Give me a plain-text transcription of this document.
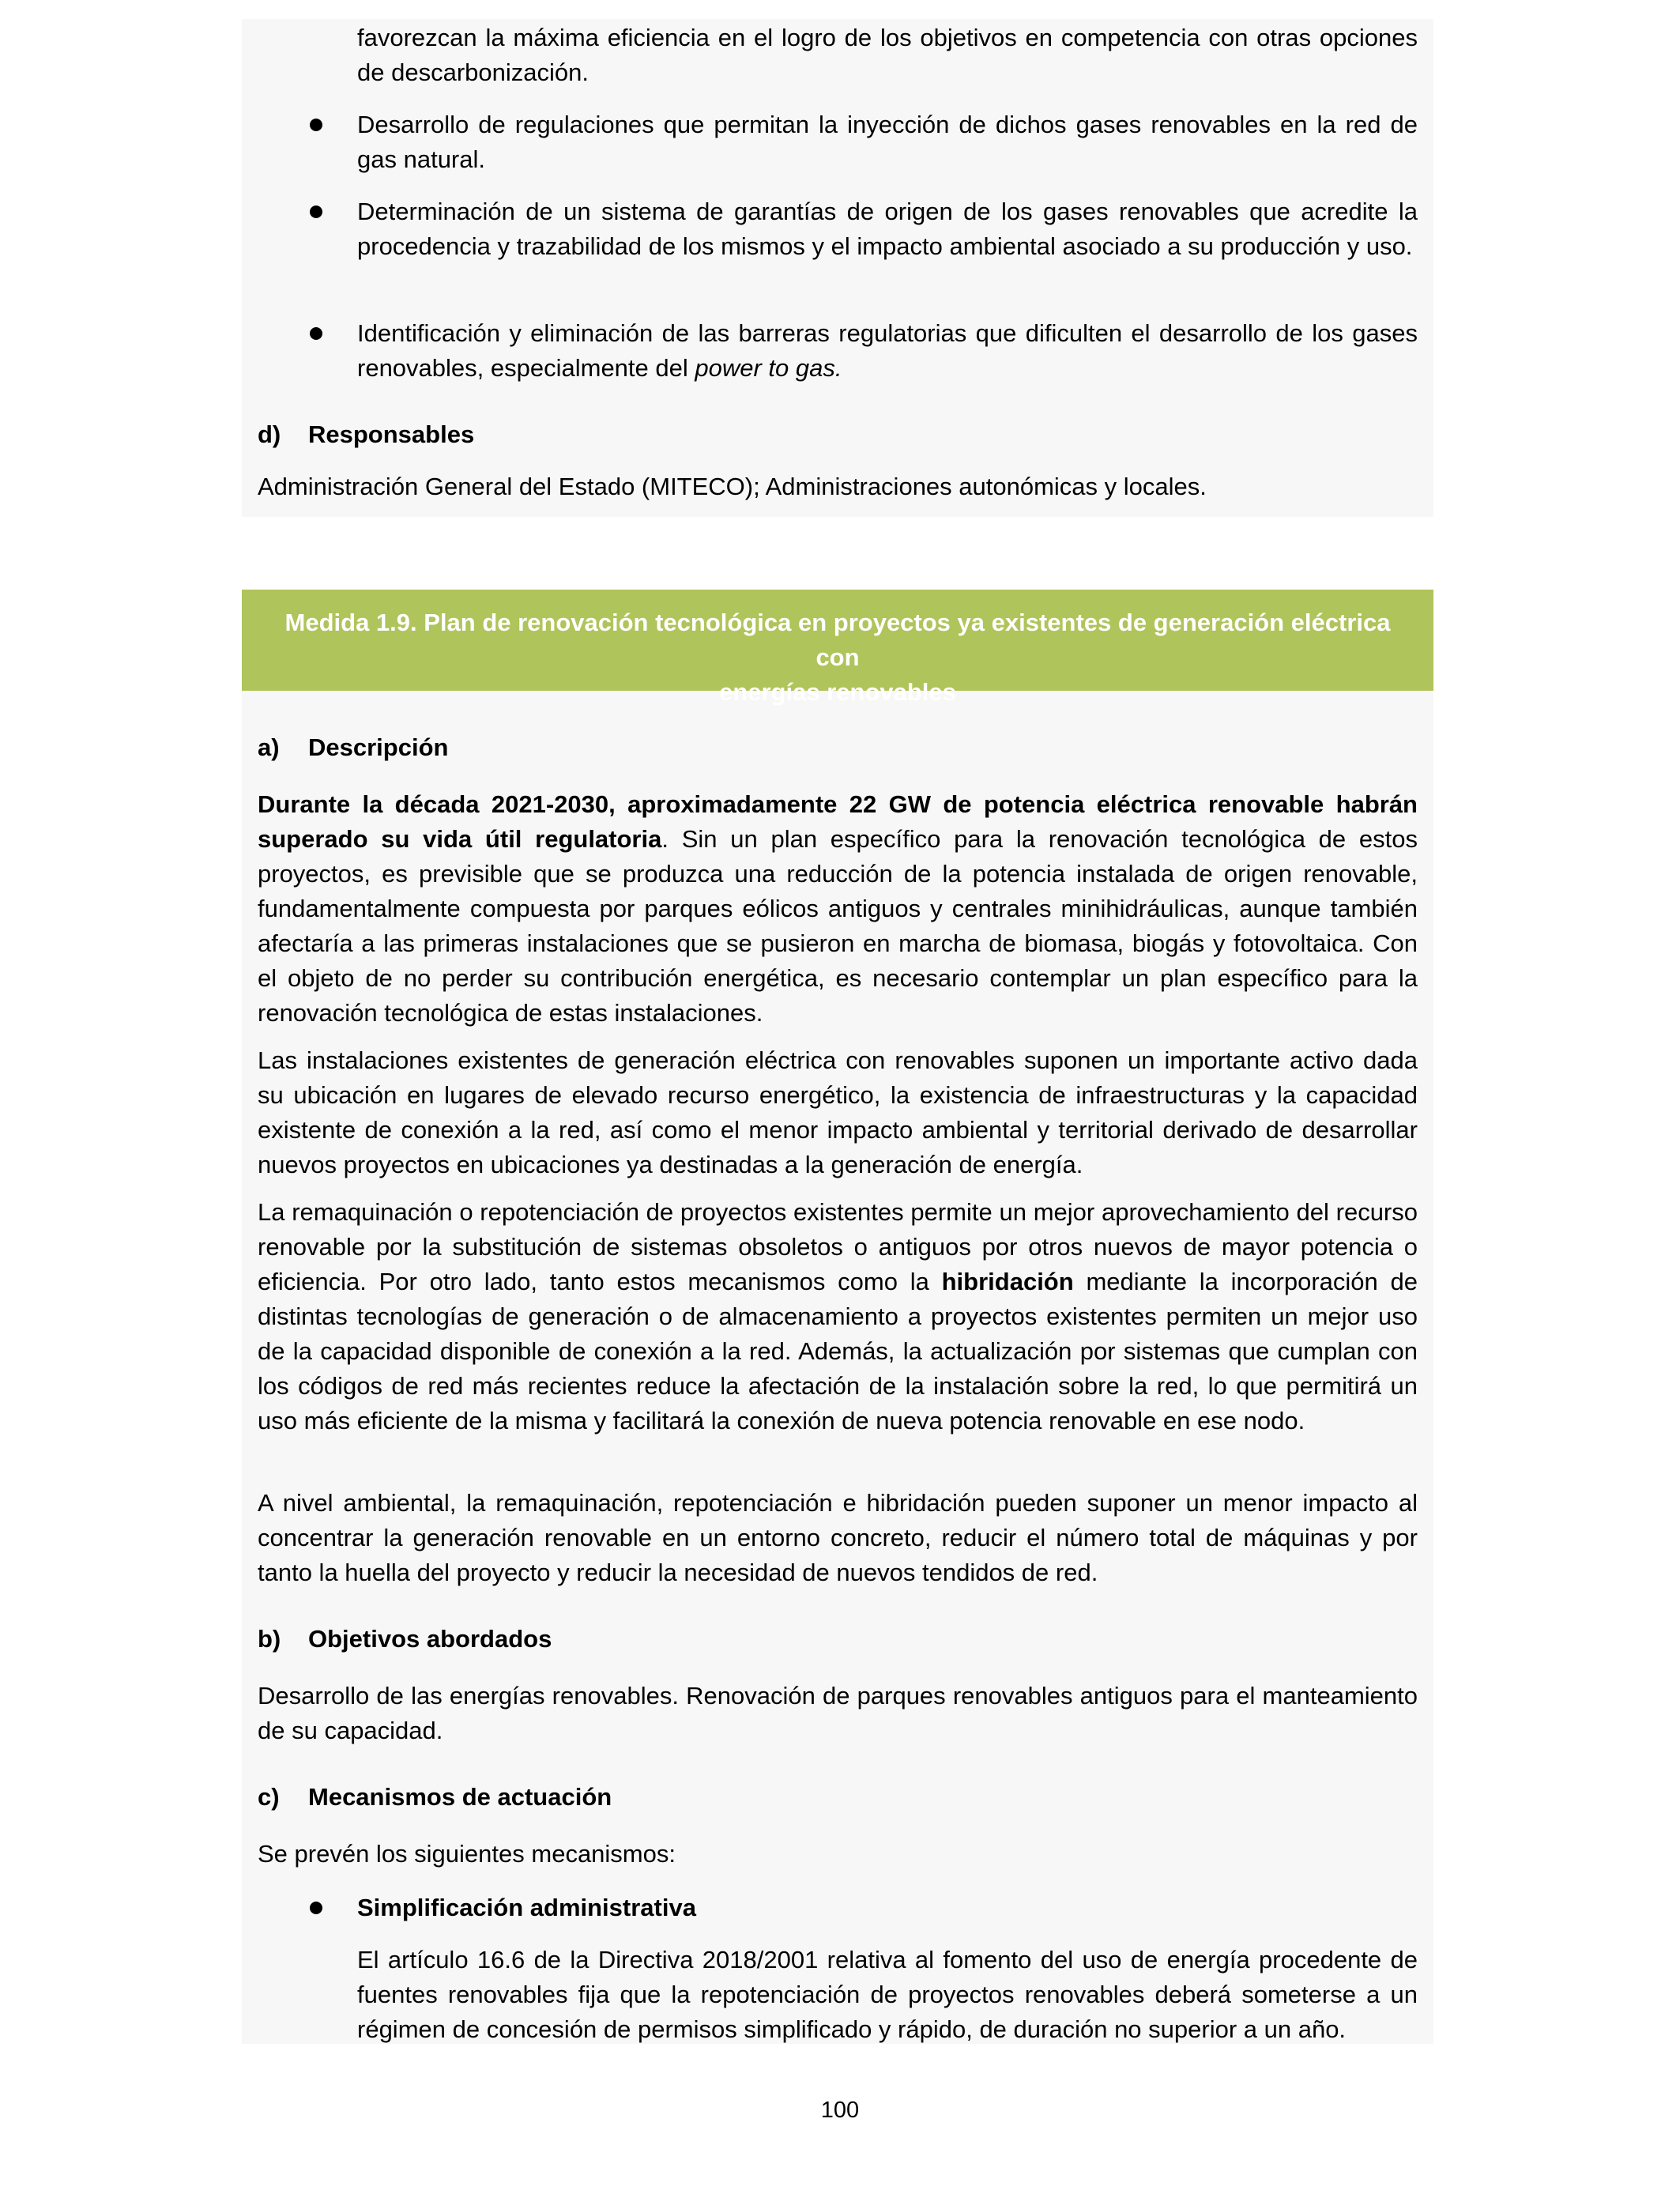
favorezcan la máxima eficiencia en el logro de los objetivos en competencia con otras opciones de descarbonización.

Desarrollo de regulaciones que permitan la inyección de dichos gases renovables en la red de gas natural.

Determinación de un sistema de garantías de origen de los gases renovables que acredite la procedencia y trazabilidad de los mismos y el impacto ambiental asociado a su producción y uso.

Identificación y eliminación de las barreras regulatorias que dificulten el desarrollo de los gases renovables, especialmente del power to gas.

d) Responsables

Administración General del Estado (MITECO); Administraciones autonómicas y locales.

Medida 1.9. Plan de renovación tecnológica en proyectos ya existentes de generación eléctrica con
energías renovables
a) Descripción

Durante la década 2021-2030, aproximadamente 22 GW de potencia eléctrica renovable habrán superado su vida útil regulatoria. Sin un plan específico para la renovación tecnológica de estos proyectos, es previsible que se produzca una reducción de la potencia instalada de origen renovable, fundamentalmente compuesta por parques eólicos antiguos y centrales minihidráulicas, aunque también afectaría a las primeras instalaciones que se pusieron en marcha de biomasa, biogás y fotovoltaica. Con el objeto de no perder su contribución energética, es necesario contemplar un plan específico para la renovación tecnológica de estas instalaciones.

Las instalaciones existentes de generación eléctrica con renovables suponen un importante activo dada su ubicación en lugares de elevado recurso energético, la existencia de infraestructuras y la capacidad existente de conexión a la red, así como el menor impacto ambiental y territorial derivado de desarrollar nuevos proyectos en ubicaciones ya destinadas a la generación de energía.

La remaquinación o repotenciación de proyectos existentes permite un mejor aprovechamiento del recurso renovable por la substitución de sistemas obsoletos o antiguos por otros nuevos de mayor potencia o eficiencia. Por otro lado, tanto estos mecanismos como la hibridación mediante la incorporación de distintas tecnologías de generación o de almacenamiento a proyectos existentes permiten un mejor uso de la capacidad disponible de conexión a la red. Además, la actualización por sistemas que cumplan con los códigos de red más recientes reduce la afectación de la instalación sobre la red, lo que permitirá un uso más eficiente de la misma y facilitará la conexión de nueva potencia renovable en ese nodo.

A nivel ambiental, la remaquinación, repotenciación e hibridación pueden suponer un menor impacto al concentrar la generación renovable en un entorno concreto, reducir el número total de máquinas y por tanto la huella del proyecto y reducir la necesidad de nuevos tendidos de red.

b) Objetivos abordados

Desarrollo de las energías renovables. Renovación de parques renovables antiguos para el manteamiento de su capacidad.

c) Mecanismos de actuación

Se prevén los siguientes mecanismos:

Simplificación administrativa

El artículo 16.6 de la Directiva 2018/2001 relativa al fomento del uso de energía procedente de fuentes renovables fija que la repotenciación de proyectos renovables deberá someterse a un régimen de concesión de permisos simplificado y rápido, de duración no superior a un año.

100
